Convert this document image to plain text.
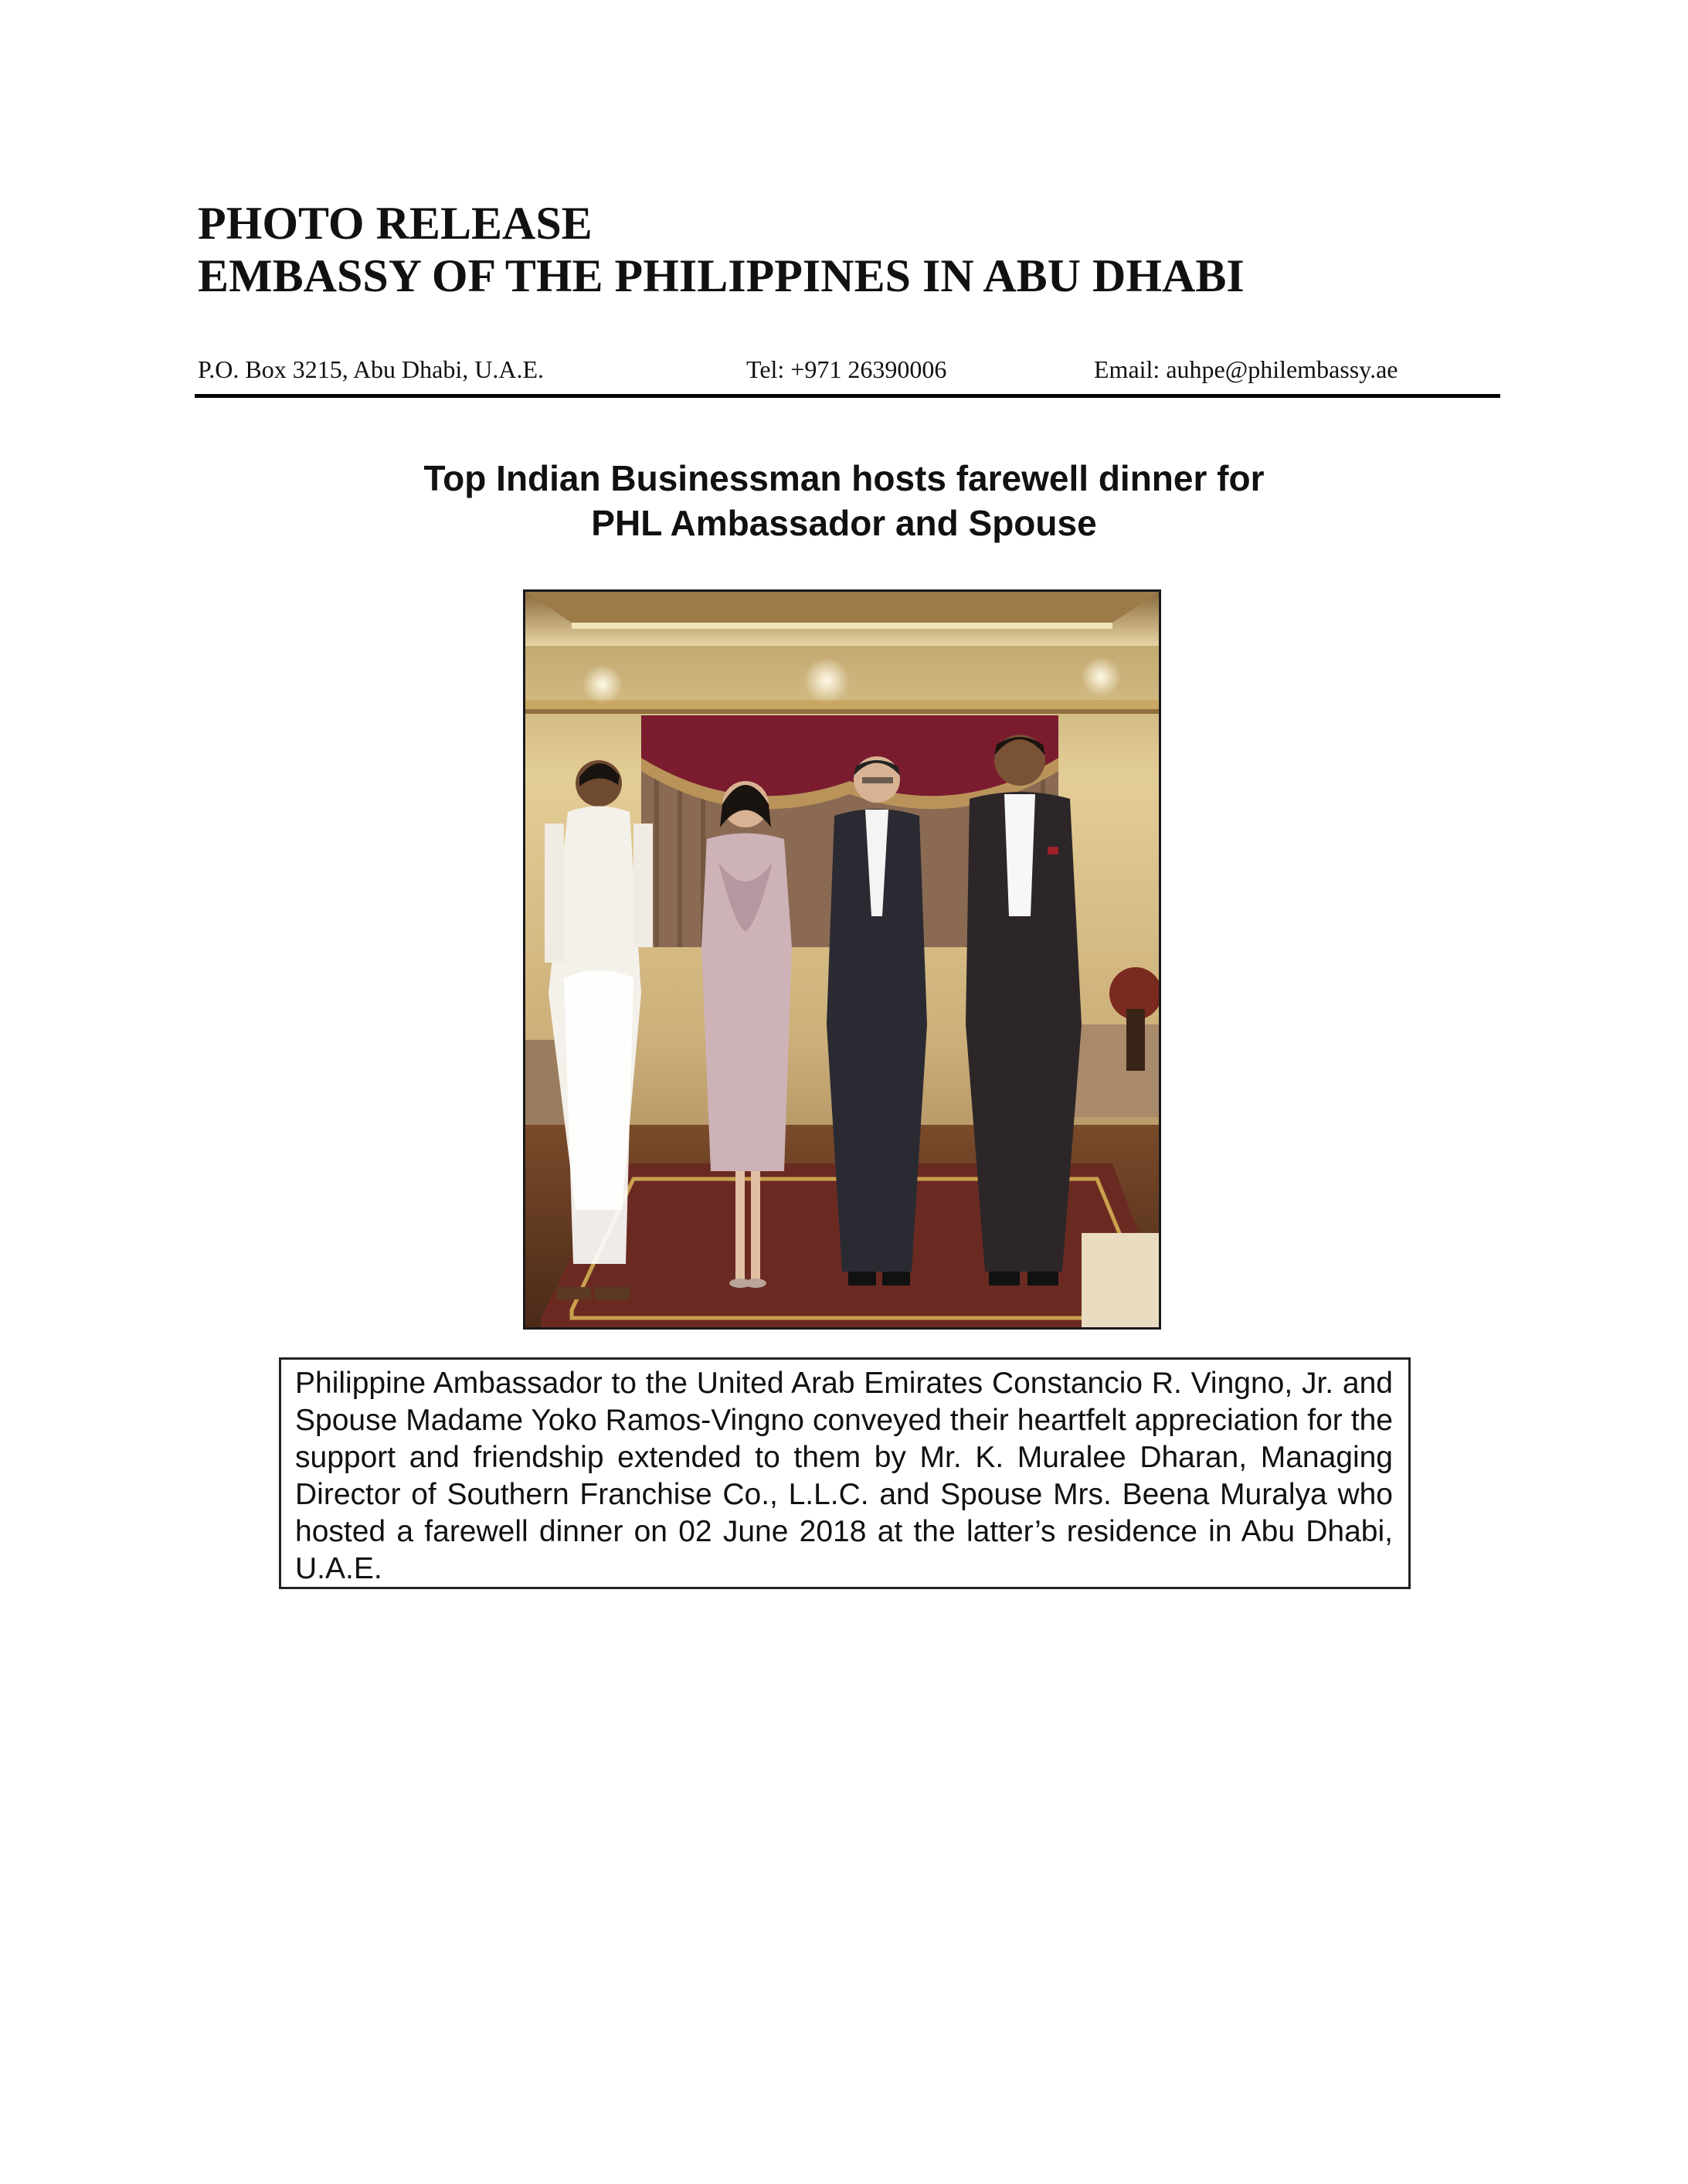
PHOTO RELEASE
EMBASSY OF THE PHILIPPINES IN ABU DHABI
P.O. Box 3215, Abu Dhabi, U.A.E.	Tel: +971 26390006	Email: auhpe@philembassy.ae
Top Indian Businessman hosts farewell dinner for
PHL Ambassador and Spouse

Philippine Ambassador to the United Arab Emirates Constancio R. Vingno, Jr. and Spouse Madame Yoko Ramos-Vingno conveyed their heartfelt appreciation for the support and friendship extended to them by Mr. K. Muralee Dharan, Managing Director of Southern Franchise Co., L.L.C. and Spouse Mrs. Beena Muralya who hosted a farewell dinner on 02 June 2018 at the latter’s residence in Abu Dhabi, U.A.E.
